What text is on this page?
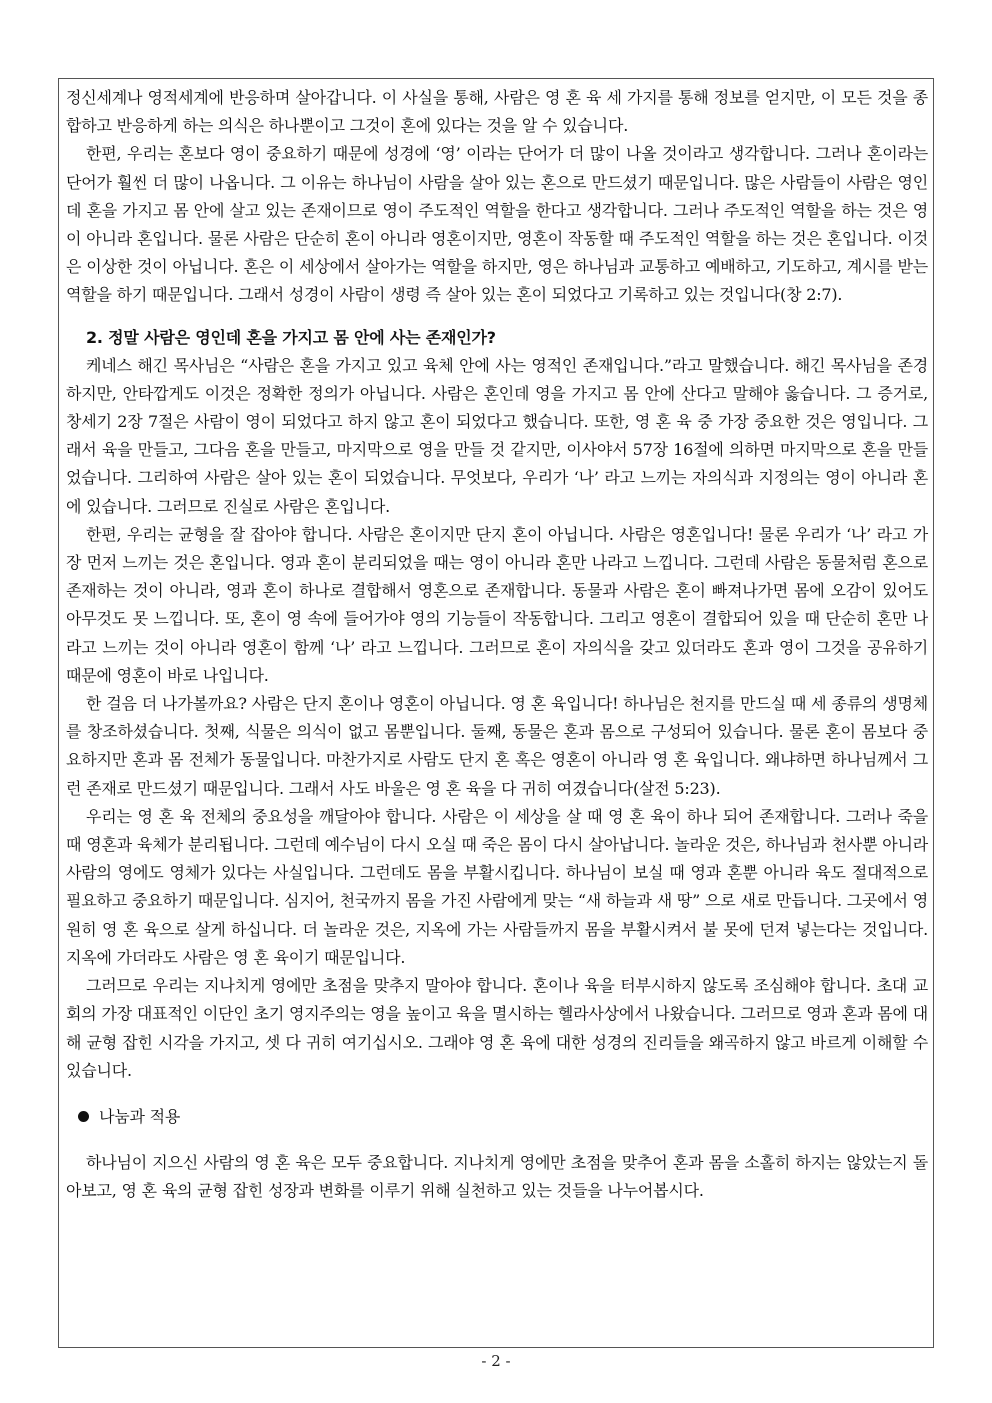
정신세계나 영적세계에 반응하며 살아갑니다. 이 사실을 통해, 사람은 영 혼 육 세 가지를 통해 정보를 얻지만, 이 모든 것을 종합하고 반응하게 하는 의식은 하나뿐이고 그것이 혼에 있다는 것을 알 수 있습니다.

한편, 우리는 혼보다 영이 중요하기 때문에 성경에 ‘영’ 이라는 단어가 더 많이 나올 것이라고 생각합니다. 그러나 혼이라는 단어가 훨씬 더 많이 나옵니다. 그 이유는 하나님이 사람을 살아 있는 혼으로 만드셨기 때문입니다. 많은 사람들이 사람은 영인데 혼을 가지고 몸 안에 살고 있는 존재이므로 영이 주도적인 역할을 한다고 생각합니다. 그러나 주도적인 역할을 하는 것은 영이 아니라 혼입니다. 물론 사람은 단순히 혼이 아니라 영혼이지만, 영혼이 작동할 때 주도적인 역할을 하는 것은 혼입니다. 이것은 이상한 것이 아닙니다. 혼은 이 세상에서 살아가는 역할을 하지만, 영은 하나님과 교통하고 예배하고, 기도하고, 계시를 받는 역할을 하기 때문입니다. 그래서 성경이 사람이 생령 즉 살아 있는 혼이 되었다고 기록하고 있는 것입니다(창 2:7).

2. 정말 사람은 영인데 혼을 가지고 몸 안에 사는 존재인가?

케네스 해긴 목사님은 “사람은 혼을 가지고 있고 육체 안에 사는 영적인 존재입니다.”라고 말했습니다. 해긴 목사님을 존경하지만, 안타깝게도 이것은 정확한 정의가 아닙니다. 사람은 혼인데 영을 가지고 몸 안에 산다고 말해야 옳습니다. 그 증거로, 창세기 2장 7절은 사람이 영이 되었다고 하지 않고 혼이 되었다고 했습니다. 또한, 영 혼 육 중 가장 중요한 것은 영입니다. 그래서 육을 만들고, 그다음 혼을 만들고, 마지막으로 영을 만들 것 같지만, 이사야서 57장 16절에 의하면 마지막으로 혼을 만들었습니다. 그리하여 사람은 살아 있는 혼이 되었습니다. 무엇보다, 우리가 ‘나’ 라고 느끼는 자의식과 지정의는 영이 아니라 혼에 있습니다. 그러므로 진실로 사람은 혼입니다.

한편, 우리는 균형을 잘 잡아야 합니다. 사람은 혼이지만 단지 혼이 아닙니다. 사람은 영혼입니다! 물론 우리가 ‘나’ 라고 가장 먼저 느끼는 것은 혼입니다. 영과 혼이 분리되었을 때는 영이 아니라 혼만 나라고 느낍니다. 그런데 사람은 동물처럼 혼으로 존재하는 것이 아니라, 영과 혼이 하나로 결합해서 영혼으로 존재합니다. 동물과 사람은 혼이 빠져나가면 몸에 오감이 있어도 아무것도 못 느낍니다. 또, 혼이 영 속에 들어가야 영의 기능들이 작동합니다. 그리고 영혼이 결합되어 있을 때 단순히 혼만 나라고 느끼는 것이 아니라 영혼이 함께 ‘나’ 라고 느낍니다. 그러므로 혼이 자의식을 갖고 있더라도 혼과 영이 그것을 공유하기 때문에 영혼이 바로 나입니다.

한 걸음 더 나가볼까요? 사람은 단지 혼이나 영혼이 아닙니다. 영 혼 육입니다! 하나님은 천지를 만드실 때 세 종류의 생명체를 창조하셨습니다. 첫째, 식물은 의식이 없고 몸뿐입니다. 둘째, 동물은 혼과 몸으로 구성되어 있습니다. 물론 혼이 몸보다 중요하지만 혼과 몸 전체가 동물입니다. 마찬가지로 사람도 단지 혼 혹은 영혼이 아니라 영 혼 육입니다. 왜냐하면 하나님께서 그런 존재로 만드셨기 때문입니다. 그래서 사도 바울은 영 혼 육을 다 귀히 여겼습니다(살전 5:23).

우리는 영 혼 육 전체의 중요성을 깨달아야 합니다. 사람은 이 세상을 살 때 영 혼 육이 하나 되어 존재합니다. 그러나 죽을 때 영혼과 육체가 분리됩니다. 그런데 예수님이 다시 오실 때 죽은 몸이 다시 살아납니다. 놀라운 것은, 하나님과 천사뿐 아니라 사람의 영에도 영체가 있다는 사실입니다. 그런데도 몸을 부활시킵니다. 하나님이 보실 때 영과 혼뿐 아니라 육도 절대적으로 필요하고 중요하기 때문입니다. 심지어, 천국까지 몸을 가진 사람에게 맞는 “새 하늘과 새 땅” 으로 새로 만듭니다. 그곳에서 영원히 영 혼 육으로 살게 하십니다. 더 놀라운 것은, 지옥에 가는 사람들까지 몸을 부활시켜서 불 못에 던져 넣는다는 것입니다. 지옥에 가더라도 사람은 영 혼 육이기 때문입니다.

그러므로 우리는 지나치게 영에만 초점을 맞추지 말아야 합니다. 혼이나 육을 터부시하지 않도록 조심해야 합니다. 초대 교회의 가장 대표적인 이단인 초기 영지주의는 영을 높이고 육을 멸시하는 헬라사상에서 나왔습니다. 그러므로 영과 혼과 몸에 대해 균형 잡힌 시각을 가지고, 셋 다 귀히 여기십시오. 그래야 영 혼 육에 대한 성경의 진리들을 왜곡하지 않고 바르게 이해할 수 있습니다.

나눔과 적용

하나님이 지으신 사람의 영 혼 육은 모두 중요합니다. 지나치게 영에만 초점을 맞추어 혼과 몸을 소홀히 하지는 않았는지 돌아보고, 영 혼 육의 균형 잡힌 성장과 변화를 이루기 위해 실천하고 있는 것들을 나누어봅시다.

- 2 -
